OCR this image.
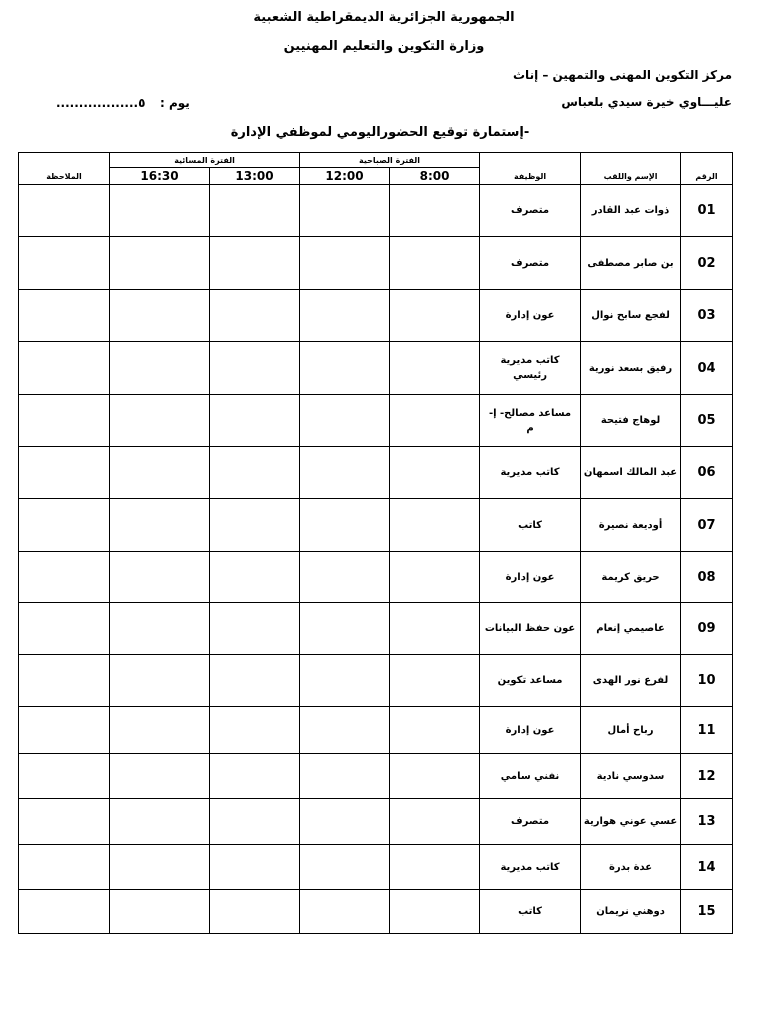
الجمهورية الجزائرية الديمقراطية الشعبية
وزارة التكوين والتعليم المهنيين
مركز التكوين المهنى والتمهين – إناث
عليـــاوي خيرة سيدي بلعباس
يوم :
..................٥
-إستمارة توقيع الحضوراليومي لموظفي الإدارة
الرقم	الإسم واللقب	الوظيفة	الفترة الصباحية		الفترة المسائية		الملاحظة
			8:00	12:00	13:00	16:30	
01	ذوات عبد القادر	متصرف					
02	بن صابر مصطفى	متصرف					
03	لفجع سابح نوال	عون إدارة					
04	رفيق بسعد نورية	كاتب مديرية رئيسي					
05	لوهاج فتيحة	مساعد مصالح- إ- م					
06	عبد المالك اسمهان	كاتب مديرية					
07	أوديعة نصيرة	كاتب					
08	حريق كريمة	عون إدارة					
09	عاصيمي إنعام	عون حفظ البيانات					
10	لفرع نور الهدى	مساعد تكوين					
11	رباح أمال	عون إدارة					
12	سدوسي نادية	نفني سامي					
13	عسي عوني هوارية	متصرف					
14	عدة بدرة	كاتب مديرية					
15	دوهني نريمان	كاتب					
